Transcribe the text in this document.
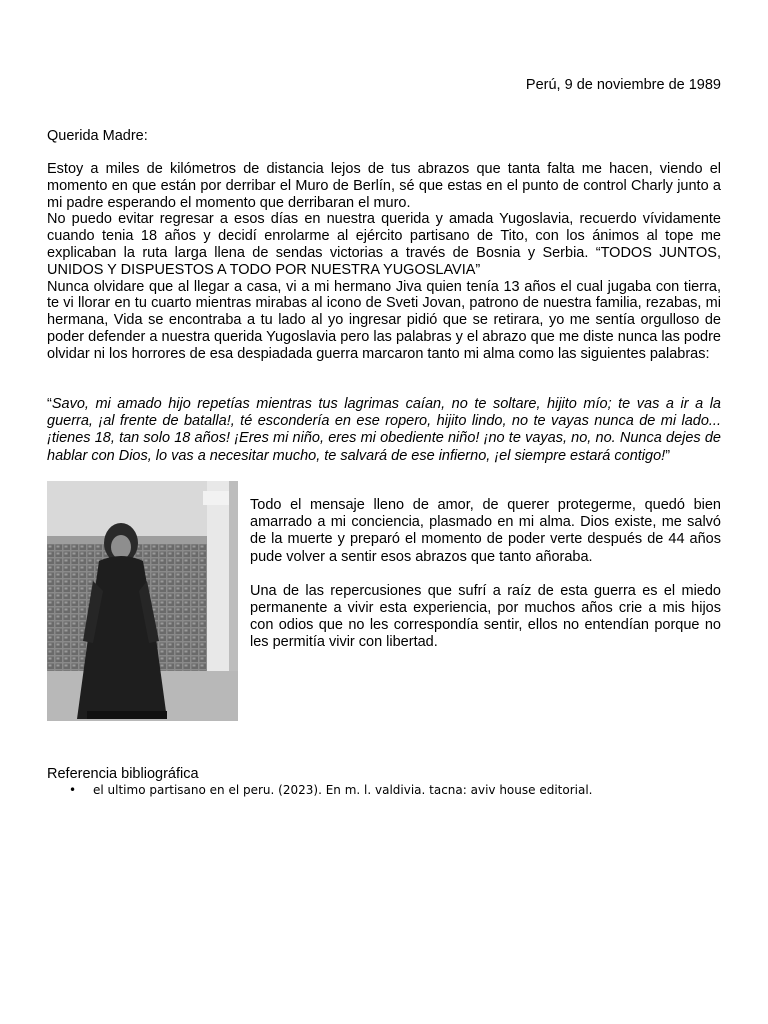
Perú, 9 de noviembre de 1989
Querida Madre:

Estoy a miles de kilómetros de distancia lejos de tus abrazos que tanta falta me hacen, viendo el momento en que están por derribar el Muro de Berlín, sé que estas en el punto de control Charly junto a mi padre esperando el momento que derribaran el muro.

No puedo evitar regresar a esos días en nuestra querida y amada Yugoslavia, recuerdo vívidamente cuando tenia 18 años y decidí enrolarme al ejército partisano de Tito, con los ánimos al tope me explicaban la ruta larga llena de sendas victorias a través de Bosnia y Serbia. “TODOS JUNTOS, UNIDOS Y DISPUESTOS A TODO POR NUESTRA YUGOSLAVIA”

Nunca olvidare que al llegar a casa, vi a mi hermano Jiva quien tenía 13 años el cual jugaba con tierra, te vi llorar en tu cuarto mientras mirabas al icono de Sveti Jovan, patrono de nuestra familia, rezabas, mi hermana, Vida se encontraba a tu lado al yo ingresar pidió que se retirara, yo me sentía orgulloso de poder defender a nuestra querida Yugoslavia pero las palabras y el abrazo que me diste nunca las podre olvidar ni los horrores de esa despiadada guerra marcaron tanto mi alma como las siguientes palabras:

“Savo, mi amado hijo repetías mientras tus lagrimas caían, no te soltare, hijito mío; te vas a ir a la guerra, ¡al frente de batalla!, té escondería en ese ropero, hijito lindo, no te vayas nunca de mi lado... ¡tienes 18, tan solo 18 años! ¡Eres mi niño, eres mi obediente niño! ¡no te vayas, no, no. Nunca dejes de hablar con Dios, lo vas a necesitar mucho, te salvará de ese infierno, ¡el siempre estará contigo!”

Todo el mensaje lleno de amor, de querer protegerme, quedó bien amarrado a mi conciencia, plasmado en mi alma. Dios existe, me salvó de la muerte y preparó el momento de poder verte después de 44 años pude volver a sentir esos abrazos que tanto añoraba.

Una de las repercusiones que sufrí a raíz de esta guerra es el miedo permanente a vivir esta experiencia, por muchos años crie a mis hijos con odios que no les correspondía sentir, ellos no entendían porque no les permitía vivir con libertad.

Referencia bibliográfica
• el ultimo partisano en el peru. (2023). En m. l. valdivia. tacna: aviv house editorial.
